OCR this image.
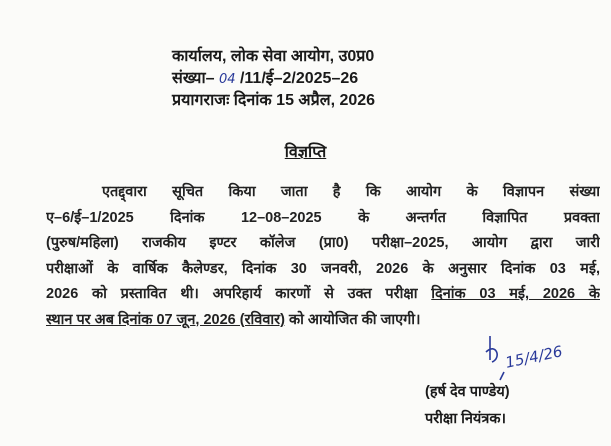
कार्यालय, लोक सेवा आयोग, उ0प्र0
संख्या– 04 /11/ई–2/2025–26
प्रयागराजः दिनांक 15 अप्रैल, 2026
विज्ञप्ति
एतद्द्वारा सूचित किया जाता है कि आयोग के विज्ञापन संख्या
ए–6/ई–1/2025 दिनांक 12–08–2025 के अन्तर्गत विज्ञापित प्रवक्ता
(पुरुष/महिला) राजकीय इण्टर कॉलेज (प्रा0) परीक्षा–2025, आयोग द्वारा जारी
परीक्षाओं के वार्षिक कैलेण्डर, दिनांक 30 जनवरी, 2026 के अनुसार दिनांक 03 मई,
2026 को प्रस्तावित थी। अपरिहार्य कारणों से उक्त परीक्षा दिनांक 03 मई, 2026 के
स्थान पर अब दिनांक 07 जून, 2026 (रविवार) को आयोजित की जाएगी।
15/4/26
(हर्ष देव पाण्डेय)
परीक्षा नियंत्रक।
